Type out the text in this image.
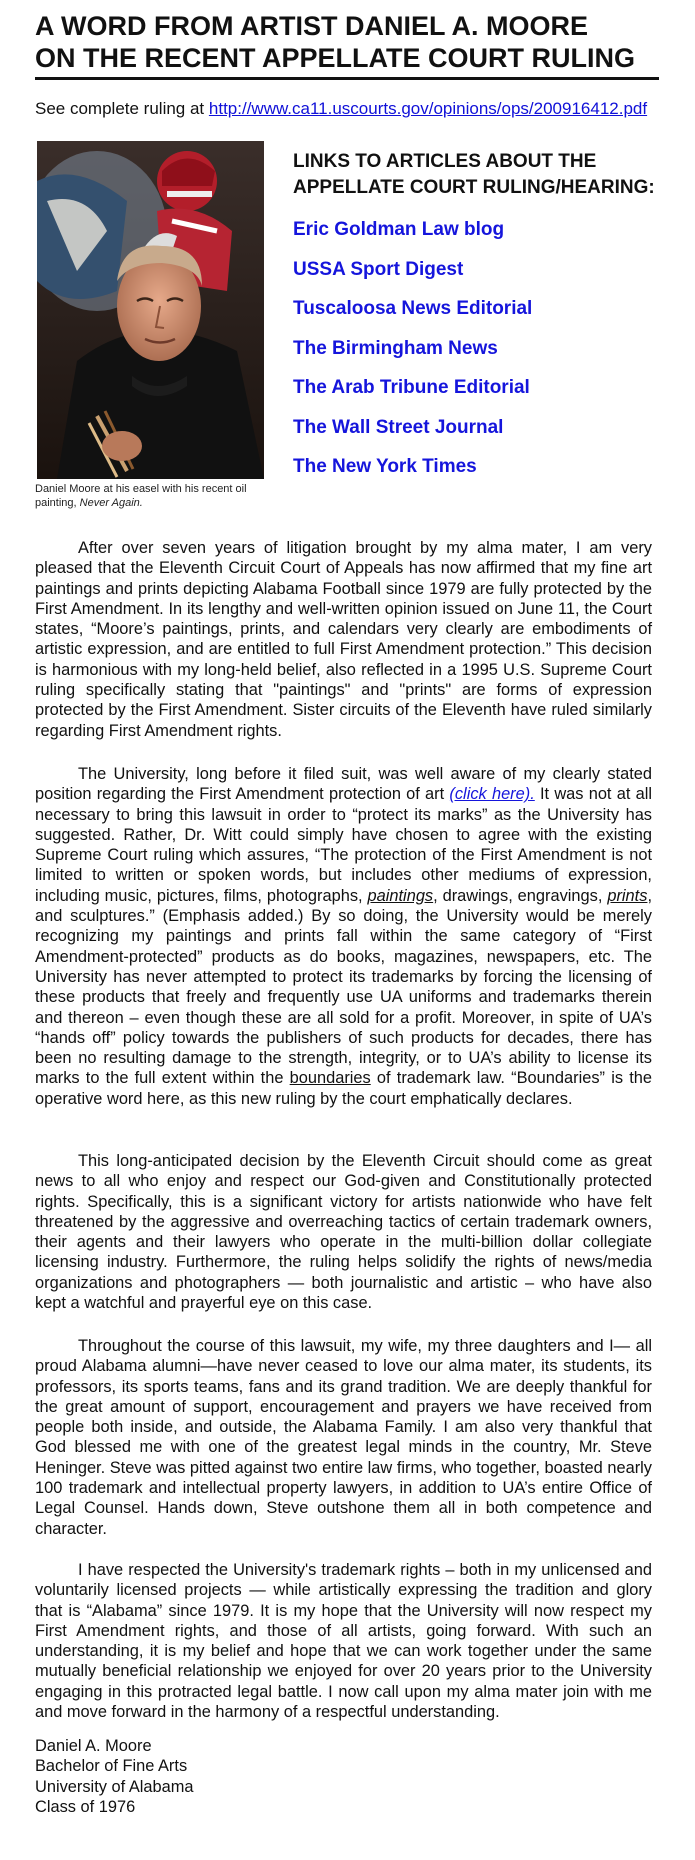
A WORD FROM ARTIST DANIEL A. MOORE
ON THE RECENT APPELLATE COURT RULING
See complete ruling at http://www.ca11.uscourts.gov/opinions/ops/200916412.pdf
Daniel Moore at his easel with his recent oil painting, Never Again.
LINKS TO ARTICLES ABOUT THE
APPELLATE COURT RULING/HEARING:
Eric Goldman Law blog
USSA Sport Digest
Tuscaloosa News Editorial
The Birmingham News
The Arab Tribune Editorial
The Wall Street Journal
The New York Times

After over seven years of litigation brought by my alma mater, I am very pleased that the Eleventh Circuit Court of Appeals has now affirmed that my fine art paintings and prints depicting Alabama Football since 1979 are fully protected by the First Amendment. In its lengthy and well-written opinion issued on June 11, the Court states, “Moore’s paintings, prints, and calendars very clearly are embodiments of artistic expression, and are entitled to full First Amendment protection.” This decision is harmonious with my long-held belief, also reflected in a 1995 U.S. Supreme Court ruling specifically stating that "paintings" and "prints" are forms of expression protected by the First Amendment. Sister circuits of the Eleventh have ruled similarly regarding First Amendment rights.

The University, long before it filed suit, was well aware of my clearly stated position regarding the First Amendment protection of art (click here). It was not at all necessary to bring this lawsuit in order to “protect its marks” as the University has suggested. Rather, Dr. Witt could simply have chosen to agree with the existing Supreme Court ruling which assures, “The protection of the First Amendment is not limited to written or spoken words, but includes other mediums of expression, including music, pictures, films, photographs, paintings, drawings, engravings, prints, and sculptures.” (Emphasis added.) By so doing, the University would be merely recognizing my paintings and prints fall within the same category of “First Amendment-protected” products as do books, magazines, newspapers, etc. The University has never attempted to protect its trademarks by forcing the licensing of these products that freely and frequently use UA uniforms and trademarks therein and thereon – even though these are all sold for a profit. Moreover, in spite of UA’s “hands off” policy towards the publishers of such products for decades, there has been no resulting damage to the strength, integrity, or to UA’s ability to license its marks to the full extent within the boundaries of trademark law. “Boundaries” is the operative word here, as this new ruling by the court emphatically declares.

This long-anticipated decision by the Eleventh Circuit should come as great news to all who enjoy and respect our God-given and Constitutionally protected rights. Specifically, this is a significant victory for artists nationwide who have felt threatened by the aggressive and overreaching tactics of certain trademark owners, their agents and their lawyers who operate in the multi-billion dollar collegiate licensing industry. Furthermore, the ruling helps solidify the rights of news/media organizations and photographers — both journalistic and artistic – who have also kept a watchful and prayerful eye on this case.

Throughout the course of this lawsuit, my wife, my three daughters and I— all proud Alabama alumni—have never ceased to love our alma mater, its students, its professors, its sports teams, fans and its grand tradition. We are deeply thankful for the great amount of support, encouragement and prayers we have received from people both inside, and outside, the Alabama Family. I am also very thankful that God blessed me with one of the greatest legal minds in the country, Mr. Steve Heninger. Steve was pitted against two entire law firms, who together, boasted nearly 100 trademark and intellectual property lawyers, in addition to UA’s entire Office of Legal Counsel. Hands down, Steve outshone them all in both competence and character.

I have respected the University's trademark rights – both in my unlicensed and voluntarily licensed projects — while artistically expressing the tradition and glory that is “Alabama” since 1979. It is my hope that the University will now respect my First Amendment rights, and those of all artists, going forward. With such an understanding, it is my belief and hope that we can work together under the same mutually beneficial relationship we enjoyed for over 20 years prior to the University engaging in this protracted legal battle. I now call upon my alma mater join with me and move forward in the harmony of a respectful understanding.

Daniel A. Moore
Bachelor of Fine Arts
University of Alabama
Class of 1976
